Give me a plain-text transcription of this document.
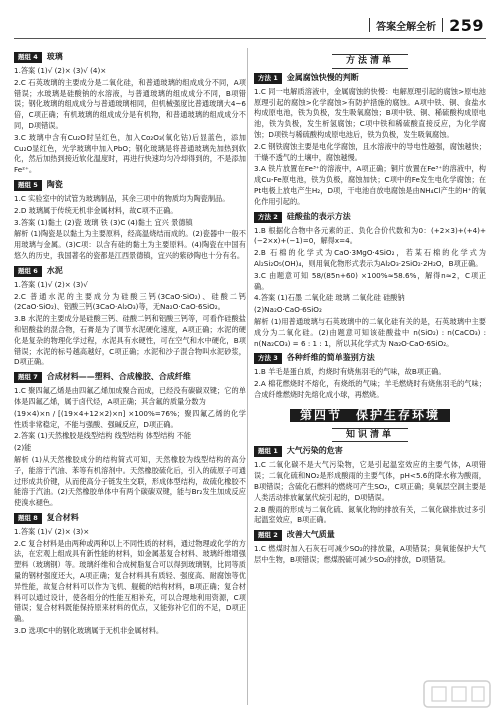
答案全解全析 259
题组 4	玻璃

1.答案 (1)√ (2)× (3)√ (4)×

2.C 石英玻璃的主要成分是二氧化硅，和普通玻璃的组成成分不同，A项错误；水玻璃是硅酸钠的水溶液，与普通玻璃的组成成分不同，B项错误；钢化玻璃的组成成分与普通玻璃相同，但机械强度比普通玻璃大4~6倍，C项正确；有机玻璃的组成成分是有机物，和普通玻璃的组成成分不同，D项错误。

3.C 玻璃中含有Cu₂O时呈红色，加入Co₂O₃(氧化钴)后显蓝色，添加Cu₂O显红色，光学玻璃中加入PbO；钢化玻璃是将普通玻璃先加热到软化，然后加热到接近软化温度时，再进行快速均匀冷却得到的，不是添加Fe²⁺。

题组 5	陶瓷

1.C 实验室中的试管为玻璃制品，其余三项中的物质均为陶瓷制品。

2.D 玻璃属于传统无机非金属材料，故C项不正确。

3.答案 (1)黏土 (2)瓷 玻璃 铁 (3)C (4)黏土 宜兴 景德镇

解析 (1)陶瓷是以黏土为主要原料，经高温烧结而成的。(2)瓷器中一般不用玻璃与金属。(3)C项：以含有硅的黏土为主要原料。(4)陶瓷在中国有悠久的历史，我国著名的瓷都是江西景德镇，宜兴的紫砂陶也十分有名。

题组 6	水泥

1.答案 (1)√ (2)× (3)√

2.C 普通水泥的主要成分为硅酸三钙(3CaO·SiO₂)、硅酸二钙(2CaO·SiO₂)、铝酸三钙(3CaO·Al₂O₃)等，无Na₂O·CaO·6SiO₂。

3.B 水泥的主要成分是硅酸三钙、硅酸二钙和铝酸三钙等，可看作硅酸盐和铝酸盐的混合物，石膏是为了调节水泥硬化速度，A项正确；水泥的硬化是复杂的物理化学过程，水泥具有水硬性，可在空气和水中硬化，B项错误；水泥的标号越高越好，C项正确；水泥和沙子混合物叫水泥砂浆，D项正确。

题组 7	合成材料——塑料、合成橡胶、合成纤维

1.C 聚四氟乙烯是由四氟乙烯加成聚合而成，已经没有碳碳双键；它的单体是四氟乙烯，属于卤代烃，A项正确；其含氟的质量分数为

(19×4)×n / [(19×4+12×2)×n] ×100%=76%；聚四氟乙烯的化学性质非常稳定，不能与强酸、强碱反应，D项正确。

2.答案 (1)天然橡胶是线型结构 线型结构 体型结构 不能

(2)能

解析 (1)从天然橡胶成分的结构简式可知，天然橡胶为线型结构的高分子，能溶于汽油、苯等有机溶剂中。天然橡胶硫化后，引入的硫原子可通过形成共价键，从而使高分子链发生交联，形成体型结构，故硫化橡胶不能溶于汽油。(2)天然橡胶单体中有两个碳碳双键，能与Br₂发生加成反应使溴水褪色。

题组 8	复合材料

1.答案 (1)√ (2)× (3)×

2.C 复合材料是由两种或两种以上不同性质的材料，通过物理或化学的方法，在宏观上组成具有新性能的材料，如金属基复合材料、玻璃纤维增强塑料（玻璃钢）等。玻璃纤维和合成树脂复合可以得到玻璃钢，比同等质量的钢材强度还大，A项正确；复合材料具有质轻、强度高、耐腐蚀等优异性能，故复合材料可以作为飞机、舰艇的结构材料，B项正确；复合材料可以通过设计，使各组分的性能互相补充，可以合理地利用资源，C项错误；复合材料既能保持原来材料的优点，又能弥补它们的不足，D项正确。

3.D 选项C中的钢化玻璃属于无机非金属材料。

方法清单
方法 1	金属腐蚀快慢的判断

1.C 同一电解质溶液中，金属腐蚀的快慢：电解原理引起的腐蚀>原电池原理引起的腐蚀>化学腐蚀>有防护措施的腐蚀。A项中铁、铜、食盐水构成原电池，铁为负极，发生吸氧腐蚀；B项中铁、铜、稀硫酸构成原电池，铁为负极，发生析氢腐蚀；C项中铁和稀硫酸直接反应，为化学腐蚀；D项铁与稀硫酸构成原电池后，铁为负极，发生吸氧腐蚀。

2.C 钢铁腐蚀主要是电化学腐蚀，且水溶液中的导电性越强，腐蚀越快；干燥不透气的土壤中，腐蚀越慢。

3.A 铁片放置在Fe³⁺的溶液中，A项正确；铜片放置在Fe³⁺的溶液中，构成Cu-Fe原电池，铁为负极，腐蚀加快；C项中的Fe发生电化学腐蚀；在Pt电极上放电产生H₂，D项，干电池自放电腐蚀是由NH₄Cl产生的H⁺的氧化作用引起的。

方法 2	硅酸盐的表示方法

1.B 根据化合物中各元素的正、负化合价代数和为0：(+2×3)+(+4)+(−2×x)+(−1)=0，解得x=4。

2.B 石棉的化学式为CaO·3MgO·4SiO₂，若某石棉的化学式为Al₂Si₂O₅(OH)₄，则用氧化物形式表示为Al₂O₃·2SiO₂·2H₂O，B项正确。

3.C 由题意可知 58/(85n+60) ×100%≈58.6%，解得n≈2，C项正确。

4.答案 (1)石墨 二氧化硅 玻璃 二氧化硅 硅酸钠

(2)Na₂O·CaO·6SiO₂

解析 (1)用普通玻璃与石英玻璃中的二氧化硅有关的是，石英玻璃中主要成分为二氧化硅。(2)由题意可知该硅酸盐中 n(SiO₂) : n(CaCO₃) : n(Na₂CO₃) = 6 : 1 : 1，所以其化学式为 Na₂O·CaO·6SiO₂。

方法 3	各种纤维的简单鉴别方法

1.B 羊毛是蛋白质，灼烧时有烧焦羽毛的气味，故B项正确。

2.A 棉花燃烧时不熔化，有烧纸的气味；羊毛燃烧时有烧焦羽毛的气味；合成纤维燃烧时先熔化成小球，再燃烧。

第四节　保护生存环境
知识清单
题组 1	大气污染的危害

1.C 二氧化碳不是大气污染物，它是引起温室效应的主要气体，A项错误；二氧化硫和NO₂是形成酸雨的主要气体，pH<5.6的降水称为酸雨，B项错误；含硫化石燃料的燃烧可产生SO₂，C项正确；臭氧层空洞主要是人类活动排放氟氯代烷引起的，D项错误。

2.B 酸雨的形成与二氧化硫、氮氧化物的排放有关，二氧化碳排放过多引起温室效应，B项正确。

题组 2	改善大气质量

1.C 燃煤时加入石灰石可减少SO₂的排放量，A项错误；臭氧能保护大气层中生物，B项错误；燃煤脱硫可减少SO₂的排放，D项错误。
